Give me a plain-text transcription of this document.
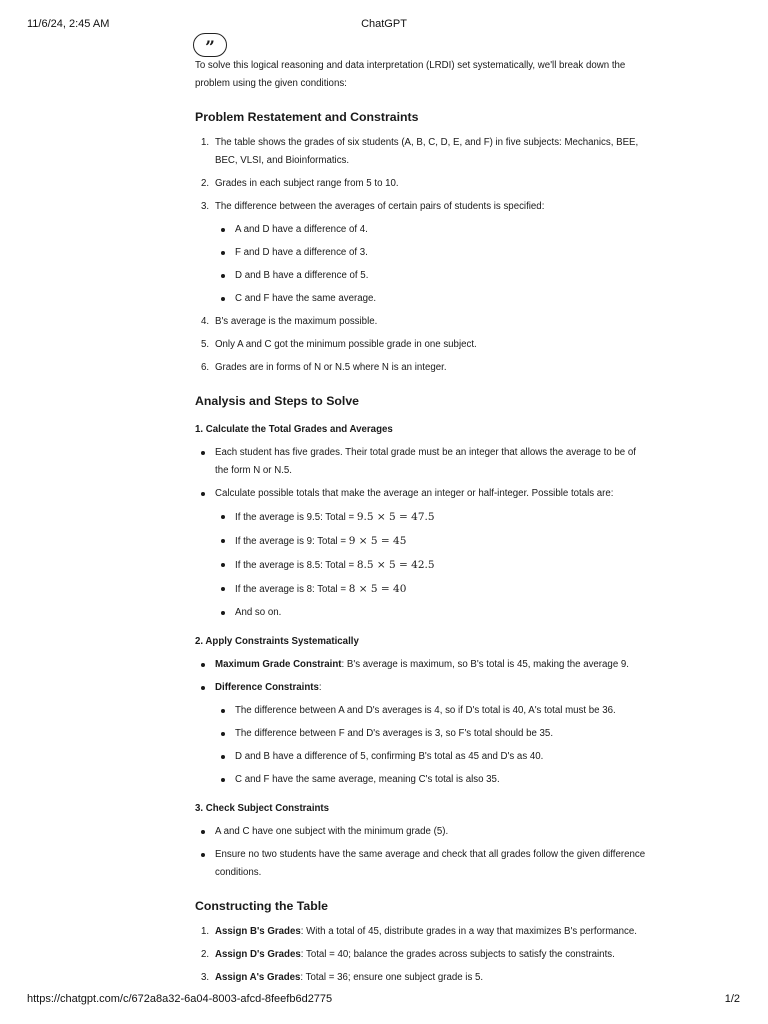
11/6/24, 2:45 AM	ChatGPT
”

To solve this logical reasoning and data interpretation (LRDI) set systematically, we'll break down the problem using the given conditions:

Problem Restatement and Constraints
1. The table shows the grades of six students (A, B, C, D, E, and F) in five subjects: Mechanics, BEE, BEC, VLSI, and Bioinformatics.
2. Grades in each subject range from 5 to 10.
3. The difference between the averages of certain pairs of students is specified:
A and D have a difference of 4.
F and D have a difference of 3.
D and B have a difference of 5.
C and F have the same average.
4. B's average is the maximum possible.
5. Only A and C got the minimum possible grade in one subject.
6. Grades are in forms of N or N.5 where N is an integer.
Analysis and Steps to Solve
1. Calculate the Total Grades and Averages
Each student has five grades. Their total grade must be an integer that allows the average to be of the form N or N.5.
Calculate possible totals that make the average an integer or half-integer. Possible totals are:
If the average is 9.5: Total = 9.5 × 5 = 47.5
If the average is 9: Total = 9 × 5 = 45
If the average is 8.5: Total = 8.5 × 5 = 42.5
If the average is 8: Total = 8 × 5 = 40
And so on.
2. Apply Constraints Systematically
Maximum Grade Constraint: B's average is maximum, so B's total is 45, making the average 9.
Difference Constraints:
The difference between A and D's averages is 4, so if D's total is 40, A's total must be 36.
The difference between F and D's averages is 3, so F's total should be 35.
D and B have a difference of 5, confirming B's total as 45 and D's as 40.
C and F have the same average, meaning C's total is also 35.
3. Check Subject Constraints
A and C have one subject with the minimum grade (5).
Ensure no two students have the same average and check that all grades follow the given difference conditions.
Constructing the Table
1. Assign B's Grades: With a total of 45, distribute grades in a way that maximizes B's performance.
2. Assign D's Grades: Total = 40; balance the grades across subjects to satisfy the constraints.
3. Assign A's Grades: Total = 36; ensure one subject grade is 5.
https://chatgpt.com/c/672a8a32-6a04-8003-afcd-8feefb6d2775	1/2
